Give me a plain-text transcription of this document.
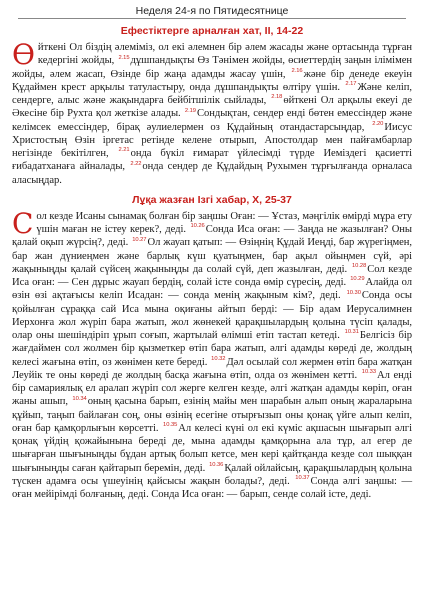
Неделя 24-я по Пятидесятнице
Ефестіктерге арналған хат, II, 14-22

Өйткені Ол біздің әлеміміз, ол екі әлемнен бір әлем жасады және ортасында тұрған кедергіні жойды, $^{2.15}$дұшпандықты Өз Тәнімен жойды, өсиеттердің заңын ілімімен жойды, әлем жасап, Өзінде бір жаңа адамды жасау үшін, $^{2.16}$және бір денеде екеуін Құдаймен крест арқылы татуластыру, онда дұшпандықты өлтіру үшін. $^{2.17}$Және келіп, сендерге, алыс және жақындарға бейбітшілік сыйлады, $^{2.18}$өйткені Ол арқылы екеуі де Әкесіне бір Рухта қол жеткізе алады. $^{2.19}$Сондықтан, сендер енді бөтен емессіндер және келімсек емессіндер, бірақ әулиелермен оз Құдайның отандастарсыңдар, $^{2.20}$Иисус Христостың Өзін іргетас ретінде келене отырып, Апостолдар мен пайғамбарлар негізінде бекітілген, $^{2.21}$онда бүкіл ғимарат үйлесімді түрде Иеміздегі қасиетті ғибадатханаға айналады, $^{2.22}$онда сендер де Құдайдың Рухымен тұрғылғанда орналаса алаcыңдар.

Лұқа жазған Ізгі хабар, X, 25-37

Сол кезде Исаны сынамақ болған бір заңшы Оған: — Ұстаз, мәңгілік өмірді мұра ету үшін маған не істеу керек?, деді. $^{10.26}$Сонда Иса оған: — Заңда не жазылған? Оны қалай оқып жүрсің?, деді. $^{10.27}$Ол жауап қатып: — Өзіңнің Құдай Иеңді, бар жүрегіңмен, бар жан дүниеңмен және барлық күш қуатыңмен, бар ақыл ойыңмен сүй, әрі жақыныңды қалай сүйсең жақыныңды да солай сүй, деп жазылған, деді. $^{10.28}$Сол кезде Иса оған: — Сен дұрыс жауап бердің, солай істе сонда өмір сүресің, деді. $^{10.29}$Алайда ол өзін өзі ақтағысы келіп Исадан: — сонда менің жақыным кім?, деді. $^{10.30}$Сонда осы қойылған сұраққа сай Иса мына оқиғаны айтып берді: — Бір адам Иерусалимнен Иерхонға жол жүріп бара жатып, жол жөнекей қарақшылардың қолына түсіп қалады, олар оны шешіндіріп ұрып соғып, жартылай өлімші етіп тастап кетеді. $^{10.31}$Белгісіз бір жағдаймен сол жолмен бір қызметкер өтіп бара жатып, әлгі адамды көреді де, жолдың келесі жағына өтіп, оз жөнімен кете береді. $^{10.32}$Дәл осылай сол жермен өтіп бара жатқан Леуйік те оны көреді де жолдың басқа жағына өтіп, олда оз жөнімен кетті. $^{10.33}$Ал енді бір самариялық ел аралап жүріп сол жерге келген кезде, әлгі жатқан адамды көріп, оған жаны ашып, $^{10.34}$оның қасына барып, езінің майы мен шарабын алып оның жараларына құйып, таңып байлаған соң, оны өзінің есегіне отырғызып оны қонақ үйге алып келіп, оған бар қамқорлығын көрсетті. $^{10.35}$Ал келесі күні ол екі күміс ақшасын шығарып әлгі қонақ үйдің қожайынына береді де, мына адамды қамқорына ала тұр, ал егер де шығарған шығыныңды бұдан артық болып кетсе, мен кері қайтқанда кезде сол шыққан шығыныңды саған қайтарып беремін, деді. $^{10.36}$Қалай ойлайсың, қарақшылардың қолына түскен адамға осы үшеуінің қайсысы жақын болады?, деді. $^{10.37}$Сонда әлгі заңшы: — оған мейірімді болғаның, деді. Сонда Иса оған: — барып, сенде солай істе, деді.
